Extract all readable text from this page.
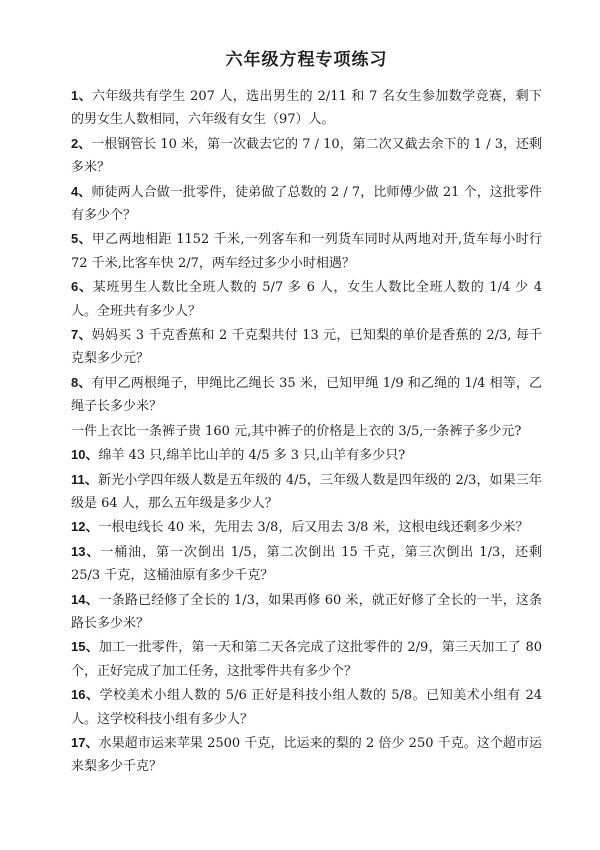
六年级方程专项练习

1、六年级共有学生 207 人，选出男生的 2/11 和 7 名女生参加数学竞赛，剩下的男女生人数相同，六年级有女生（97）人。

2、一根钢管长 10 米，第一次截去它的 7 / 10，第二次又截去余下的 1 / 3，还剩多米？

4、师徒两人合做一批零件，徒弟做了总数的 2 / 7，比师傅少做 21 个，这批零件有多少个？

5、甲乙两地相距 1152 千米,一列客车和一列货车同时从两地对开,货车每小时行 72 千米,比客车快 2/7，两车经过多少小时相遇？

6、某班男生人数比全班人数的 5/7 多 6 人，女生人数比全班人数的 1/4 少 4 人。全班共有多少人？

7、妈妈买 3 千克香蕉和 2 千克梨共付 13 元，已知梨的单价是香蕉的 2/3, 每千克梨多少元？

8、有甲乙两根绳子，甲绳比乙绳长 35 米，已知甲绳 1/9 和乙绳的 1/4 相等，乙绳子长多少米？

一件上衣比一条裤子贵 160 元,其中裤子的价格是上衣的 3/5,一条裤子多少元?

10、绵羊 43 只,绵羊比山羊的 4/5 多 3 只,山羊有多少只?

11、新光小学四年级人数是五年级的 4/5，三年级人数是四年级的 2/3，如果三年级是 64 人，那么五年级是多少人？

12、一根电线长 40 米，先用去 3/8，后又用去 3/8 米，这根电线还剩多少米？

13、一桶油，第一次倒出 1/5，第二次倒出 15 千克，第三次倒出 1/3，还剩 25/3 千克，这桶油原有多少千克？

14、一条路已经修了全长的 1/3，如果再修 60 米，就正好修了全长的一半，这条路长多少米？

15、加工一批零件，第一天和第二天各完成了这批零件的 2/9，第三天加工了 80 个，正好完成了加工任务，这批零件共有多少个？

16、学校美术小组人数的 5/6 正好是科技小组人数的 5/8。已知美术小组有 24 人。这学校科技小组有多少人？

17、水果超市运来苹果 2500 千克，比运来的梨的 2 倍少 250 千克。这个超市运来梨多少千克？
